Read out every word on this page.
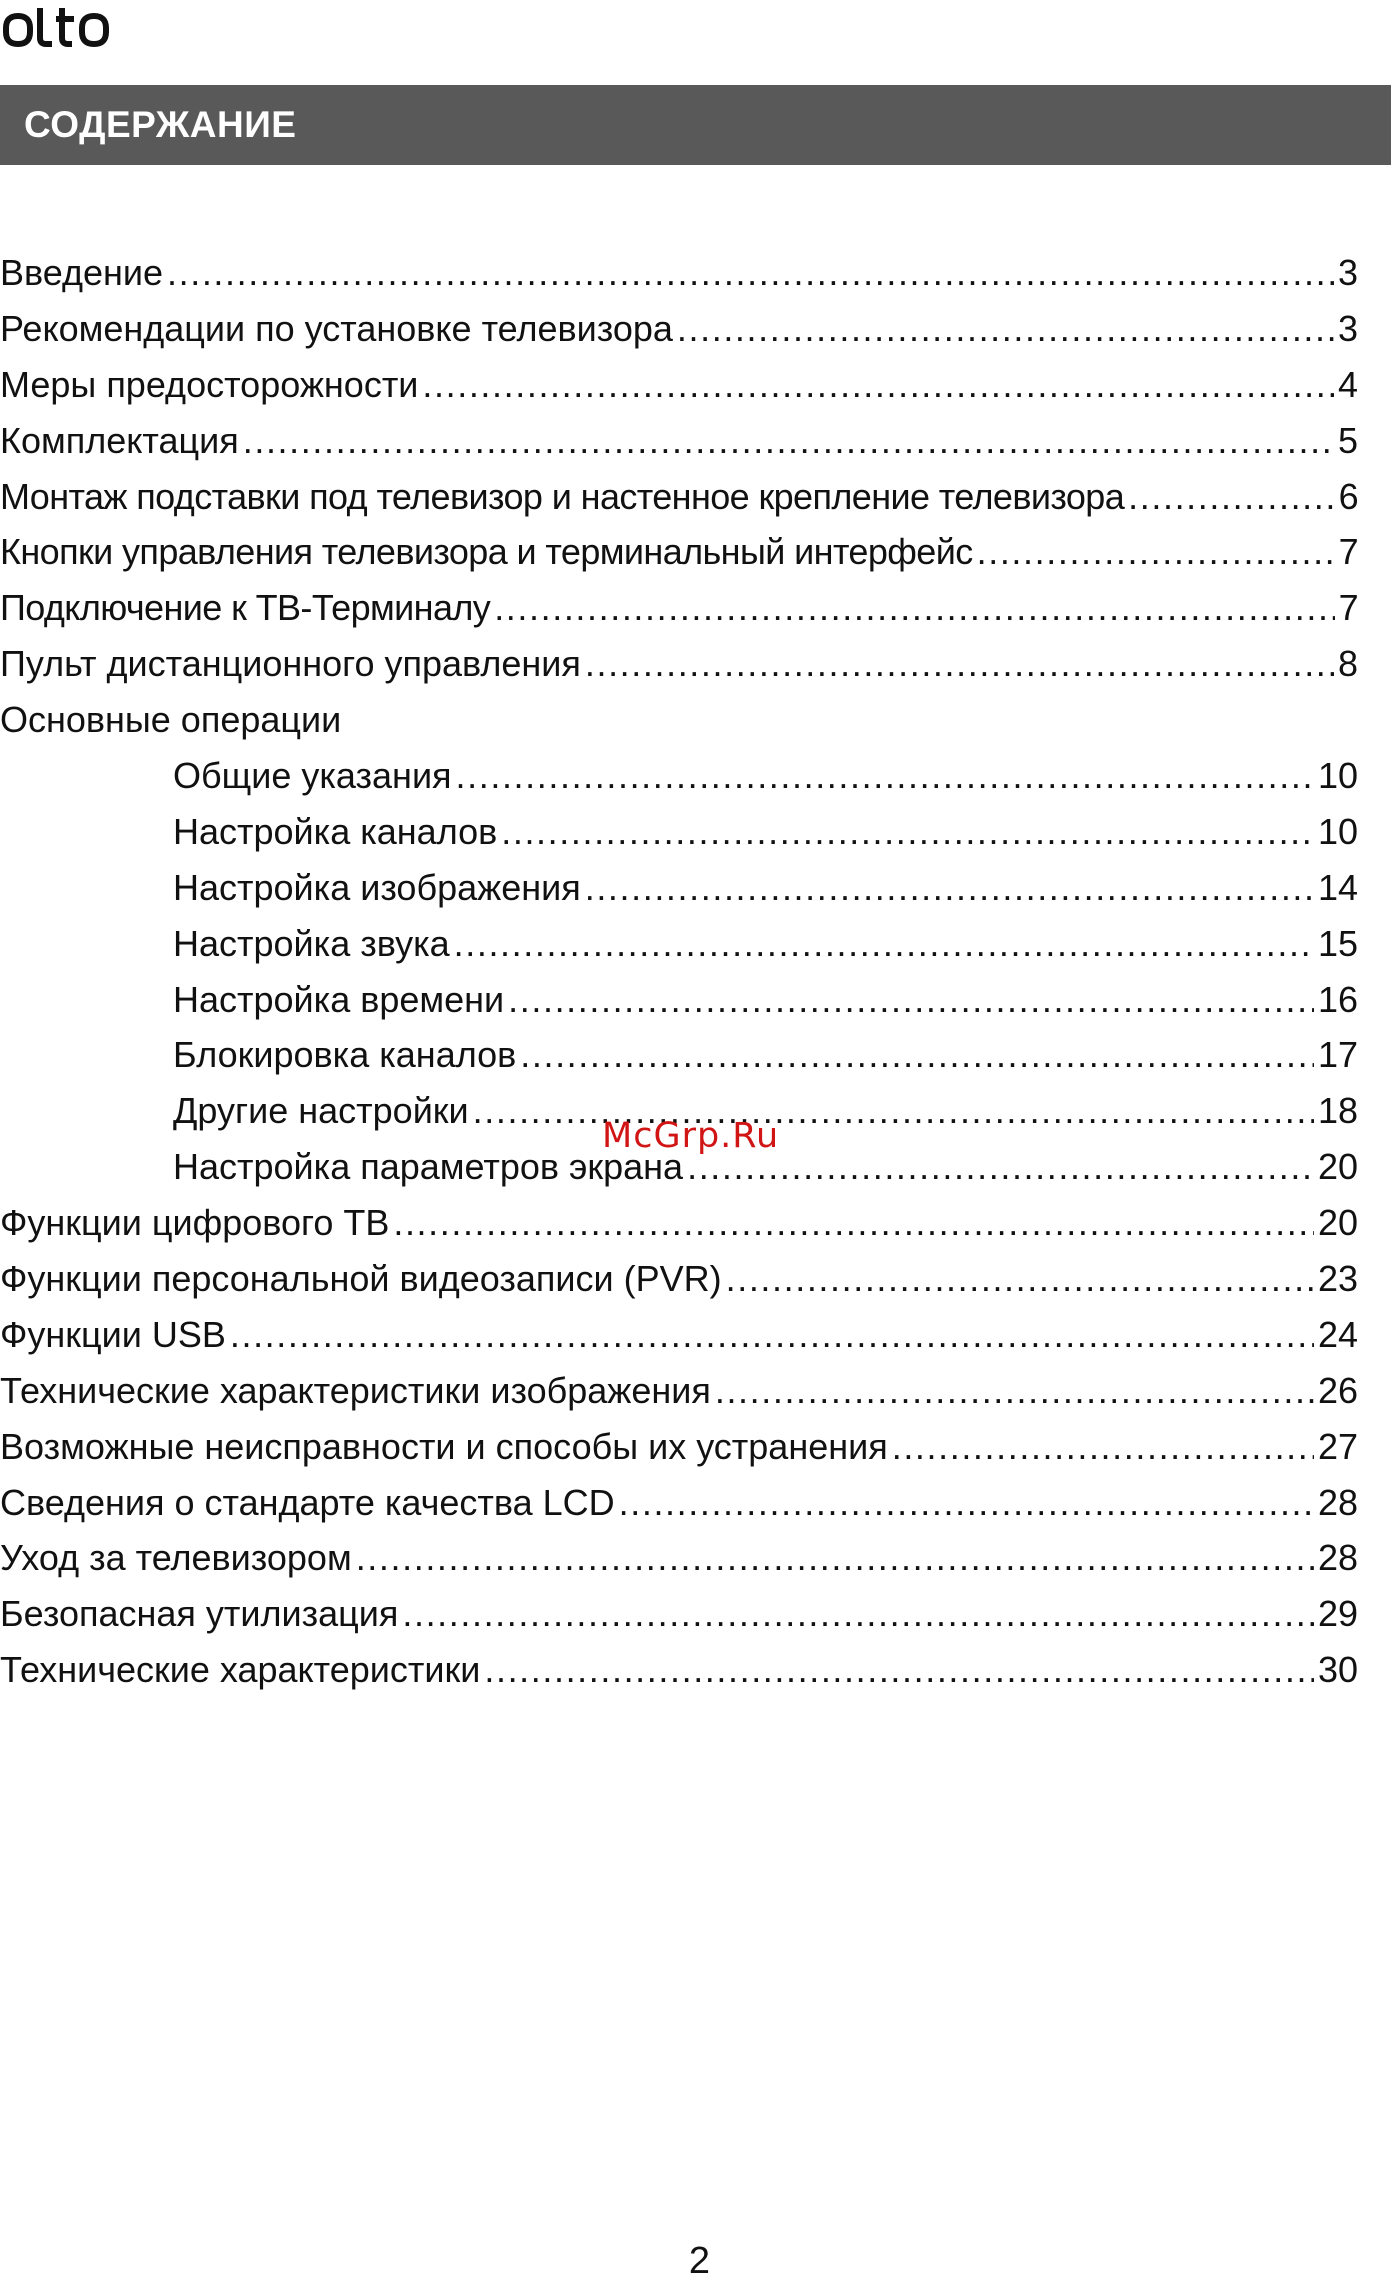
СОДЕРЖАНИЕ
Введение .....	3
Рекомендации по установке телевизора .....	3
Меры предосторожности .....	4
Комплектация .....	5
Монтаж подставки под телевизор и настенное крепление телевизора .....	6
Кнопки управления телевизора и терминальный интерфейс .....	7
Подключение к ТВ-Терминалу .....	7
Пульт дистанционного управления .....	8
Основные операции
Общие указания .....	10
Настройка каналов .....	10
Настройка изображения .....	14
Настройка звука .....	15
Настройка времени .....	16
Блокировка каналов .....	17
Другие настройки .....	18
Настройка параметров экрана .....	20
Функции цифрового ТВ .....	20
Функции персональной видеозаписи (PVR) .....	23
Функции USB .....	24
Технические характеристики изображения .....	26
Возможные неисправности и способы их устранения .....	27
Сведения о стандарте качества LCD .....	28
Уход за телевизором .....	28
Безопасная утилизация .....	29
Технические характеристики .....	30
McGrp.Ru
2
